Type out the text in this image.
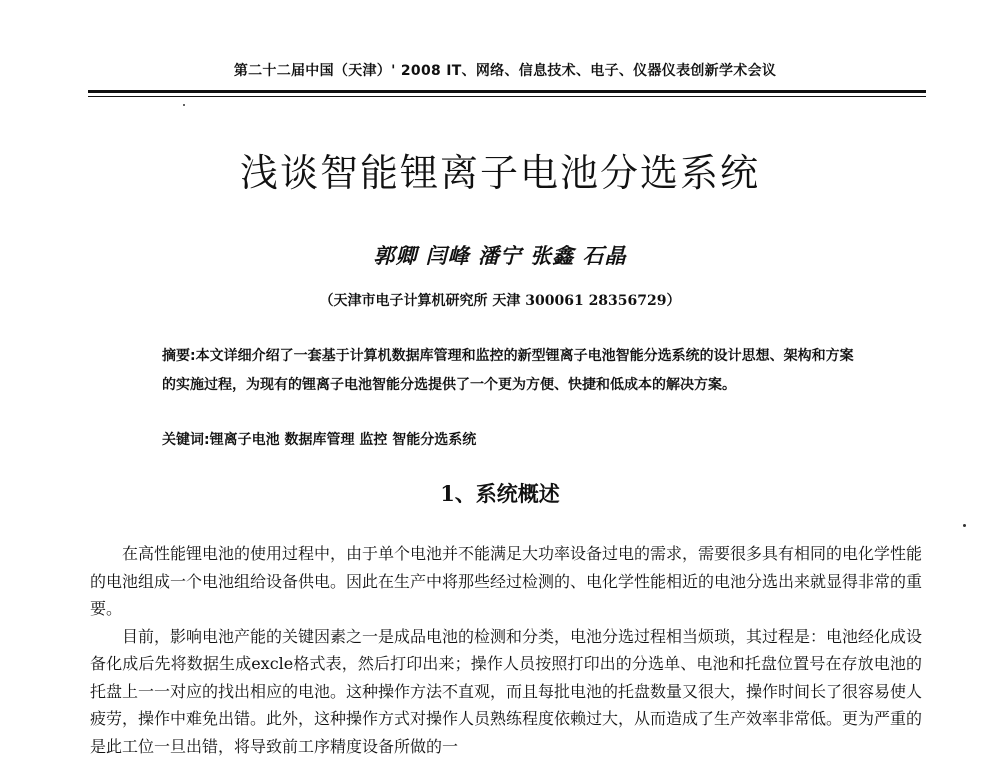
第二十二届中国（天津）' 2008 IT、网络、信息技术、电子、仪器仪表创新学术会议
浅谈智能锂离子电池分选系统
郭卿 闫峰 潘宁 张鑫 石晶
（天津市电子计算机研究所 天津 300061 28356729）
摘要:本文详细介绍了一套基于计算机数据库管理和监控的新型锂离子电池智能分选系统的设计思想、架构和方案的实施过程，为现有的锂离子电池智能分选提供了一个更为方便、快捷和低成本的解决方案。
关键词:锂离子电池 数据库管理 监控 智能分选系统
1、系统概述

在高性能锂电池的使用过程中，由于单个电池并不能满足大功率设备过电的需求，需要很多具有相同的电化学性能的电池组成一个电池组给设备供电。因此在生产中将那些经过检测的、电化学性能相近的电池分选出来就显得非常的重要。

目前，影响电池产能的关键因素之一是成品电池的检测和分类，电池分选过程相当烦琐，其过程是：电池经化成设备化成后先将数据生成excle格式表，然后打印出来；操作人员按照打印出的分选单、电池和托盘位置号在存放电池的托盘上一一对应的找出相应的电池。这种操作方法不直观，而且每批电池的托盘数量又很大，操作时间长了很容易使人疲劳，操作中难免出错。此外，这种操作方式对操作人员熟练程度依赖过大，从而造成了生产效率非常低。更为严重的是此工位一旦出错，将导致前工序精度设备所做的一
